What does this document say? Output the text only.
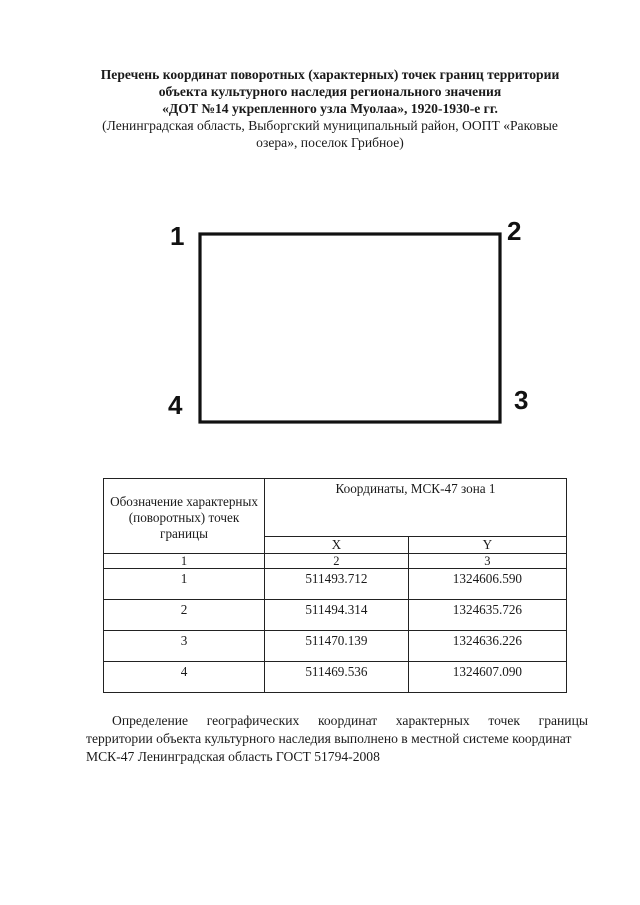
Перечень координат поворотных (характерных) точек границ территории
объекта культурного наследия регионального значения
«ДОТ №14 укрепленного узла Муолаа», 1920-1930-е гг.
(Ленинградская область, Выборгский муниципальный район, ООПТ «Раковые
озера», поселок Грибное)
1	2
3
4
Обозначение характерных (поворотных) точек границы	Координаты, МСК-47 зона 1	
	X	Y
1	2	3
1	511493.712	1324606.590
2	511494.314	1324635.726
3	511470.139	1324636.226
4	511469.536	1324607.090
Определение географических координат характерных точек границы
территории объекта культурного наследия выполнено в местной системе координат
МСК-47 Ленинградская область ГОСТ 51794-2008
